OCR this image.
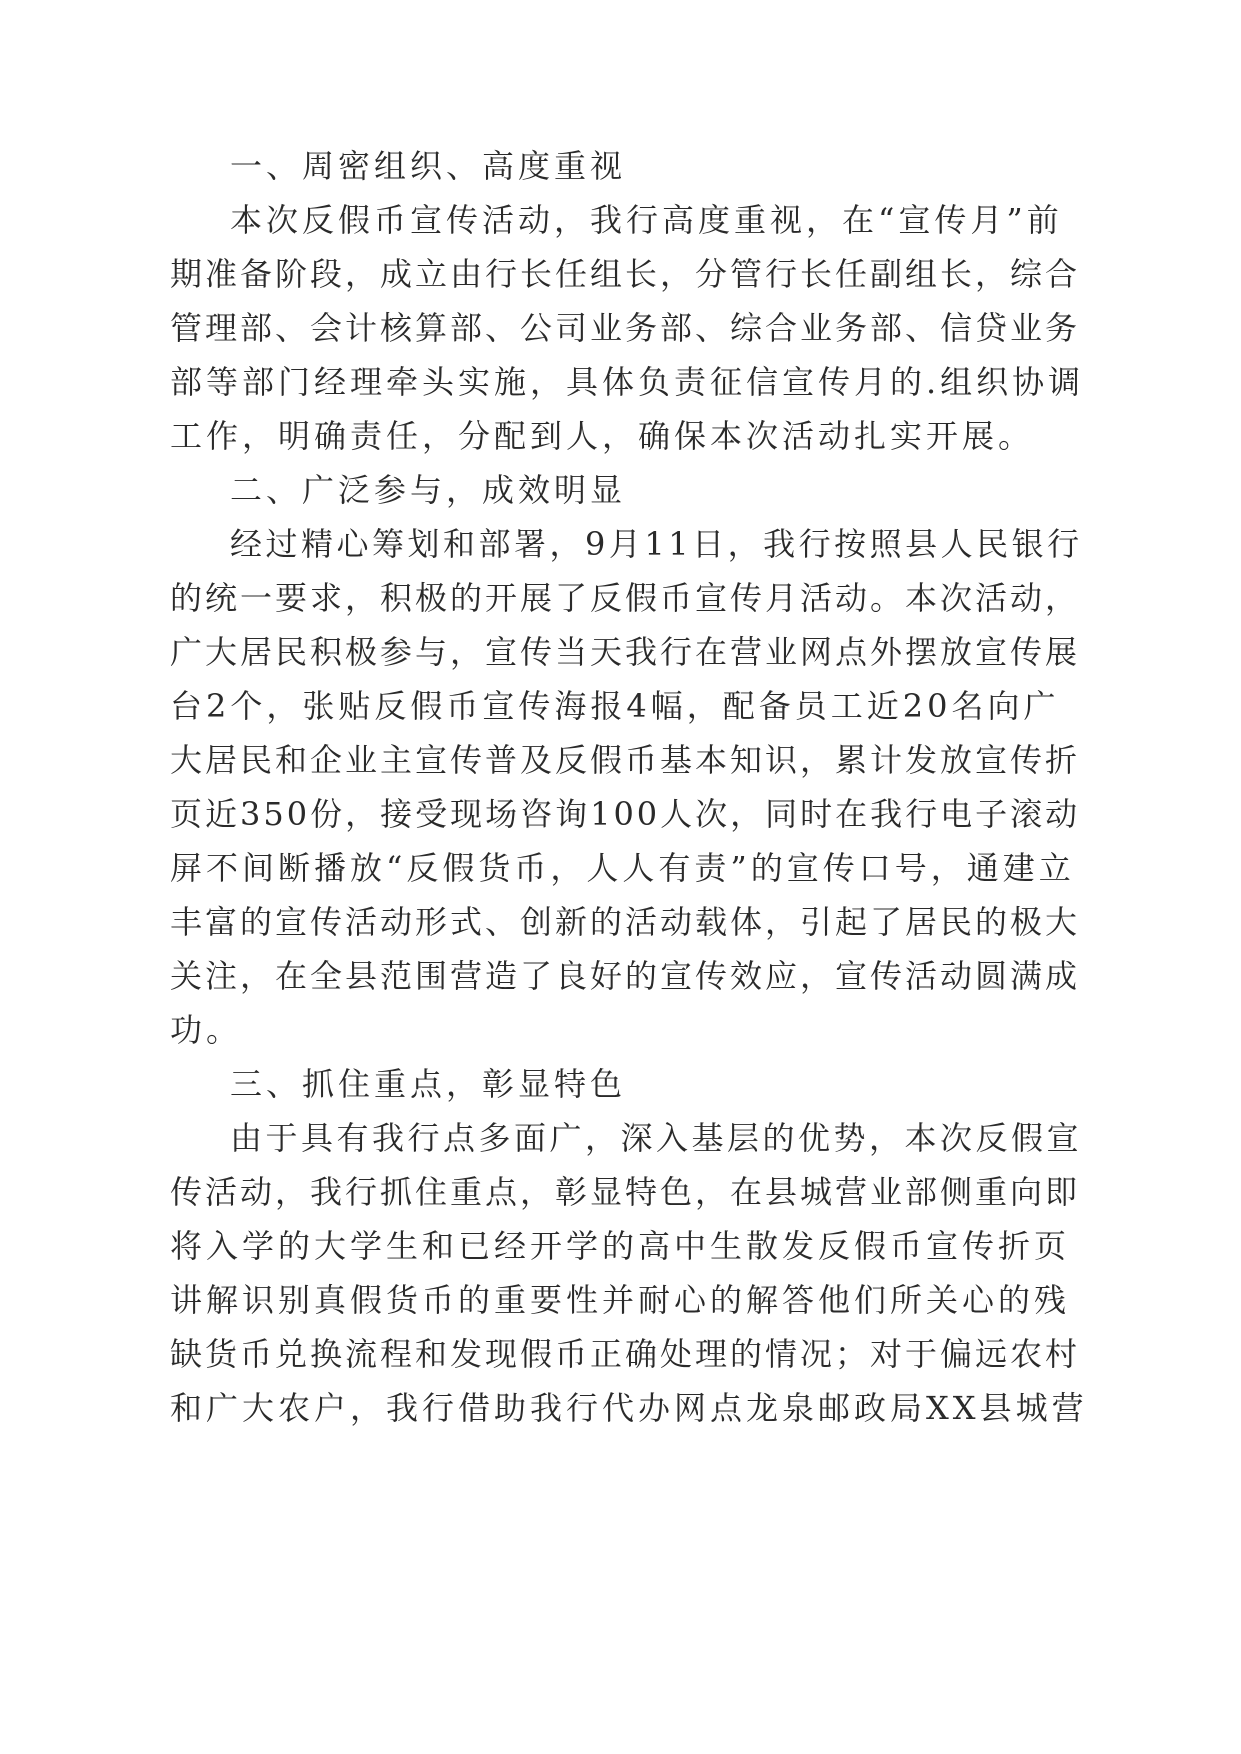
一、周密组织、高度重视
本次反假币宣传活动，我行高度重视，在“宣传月”前
期准备阶段，成立由行长任组长，分管行长任副组长，综合
管理部、会计核算部、公司业务部、综合业务部、信贷业务
部等部门经理牵头实施，具体负责征信宣传月的.组织协调
工作，明确责任，分配到人，确保本次活动扎实开展。
二、广泛参与，成效明显
经过精心筹划和部署，9月11日，我行按照县人民银行
的统一要求，积极的开展了反假币宣传月活动。本次活动，
广大居民积极参与，宣传当天我行在营业网点外摆放宣传展
台2个，张贴反假币宣传海报4幅，配备员工近20名向广
大居民和企业主宣传普及反假币基本知识，累计发放宣传折
页近350份，接受现场咨询100人次，同时在我行电子滚动
屏不间断播放“反假货币，人人有责”的宣传口号，通建立
丰富的宣传活动形式、创新的活动载体，引起了居民的极大
关注，在全县范围营造了良好的宣传效应，宣传活动圆满成
功。
三、抓住重点，彰显特色
由于具有我行点多面广，深入基层的优势，本次反假宣
传活动，我行抓住重点，彰显特色，在县城营业部侧重向即
将入学的大学生和已经开学的高中生散发反假币宣传折页
讲解识别真假货币的重要性并耐心的解答他们所关心的残
缺货币兑换流程和发现假币正确处理的情况；对于偏远农村
和广大农户，我行借助我行代办网点龙泉邮政局XX县城营
